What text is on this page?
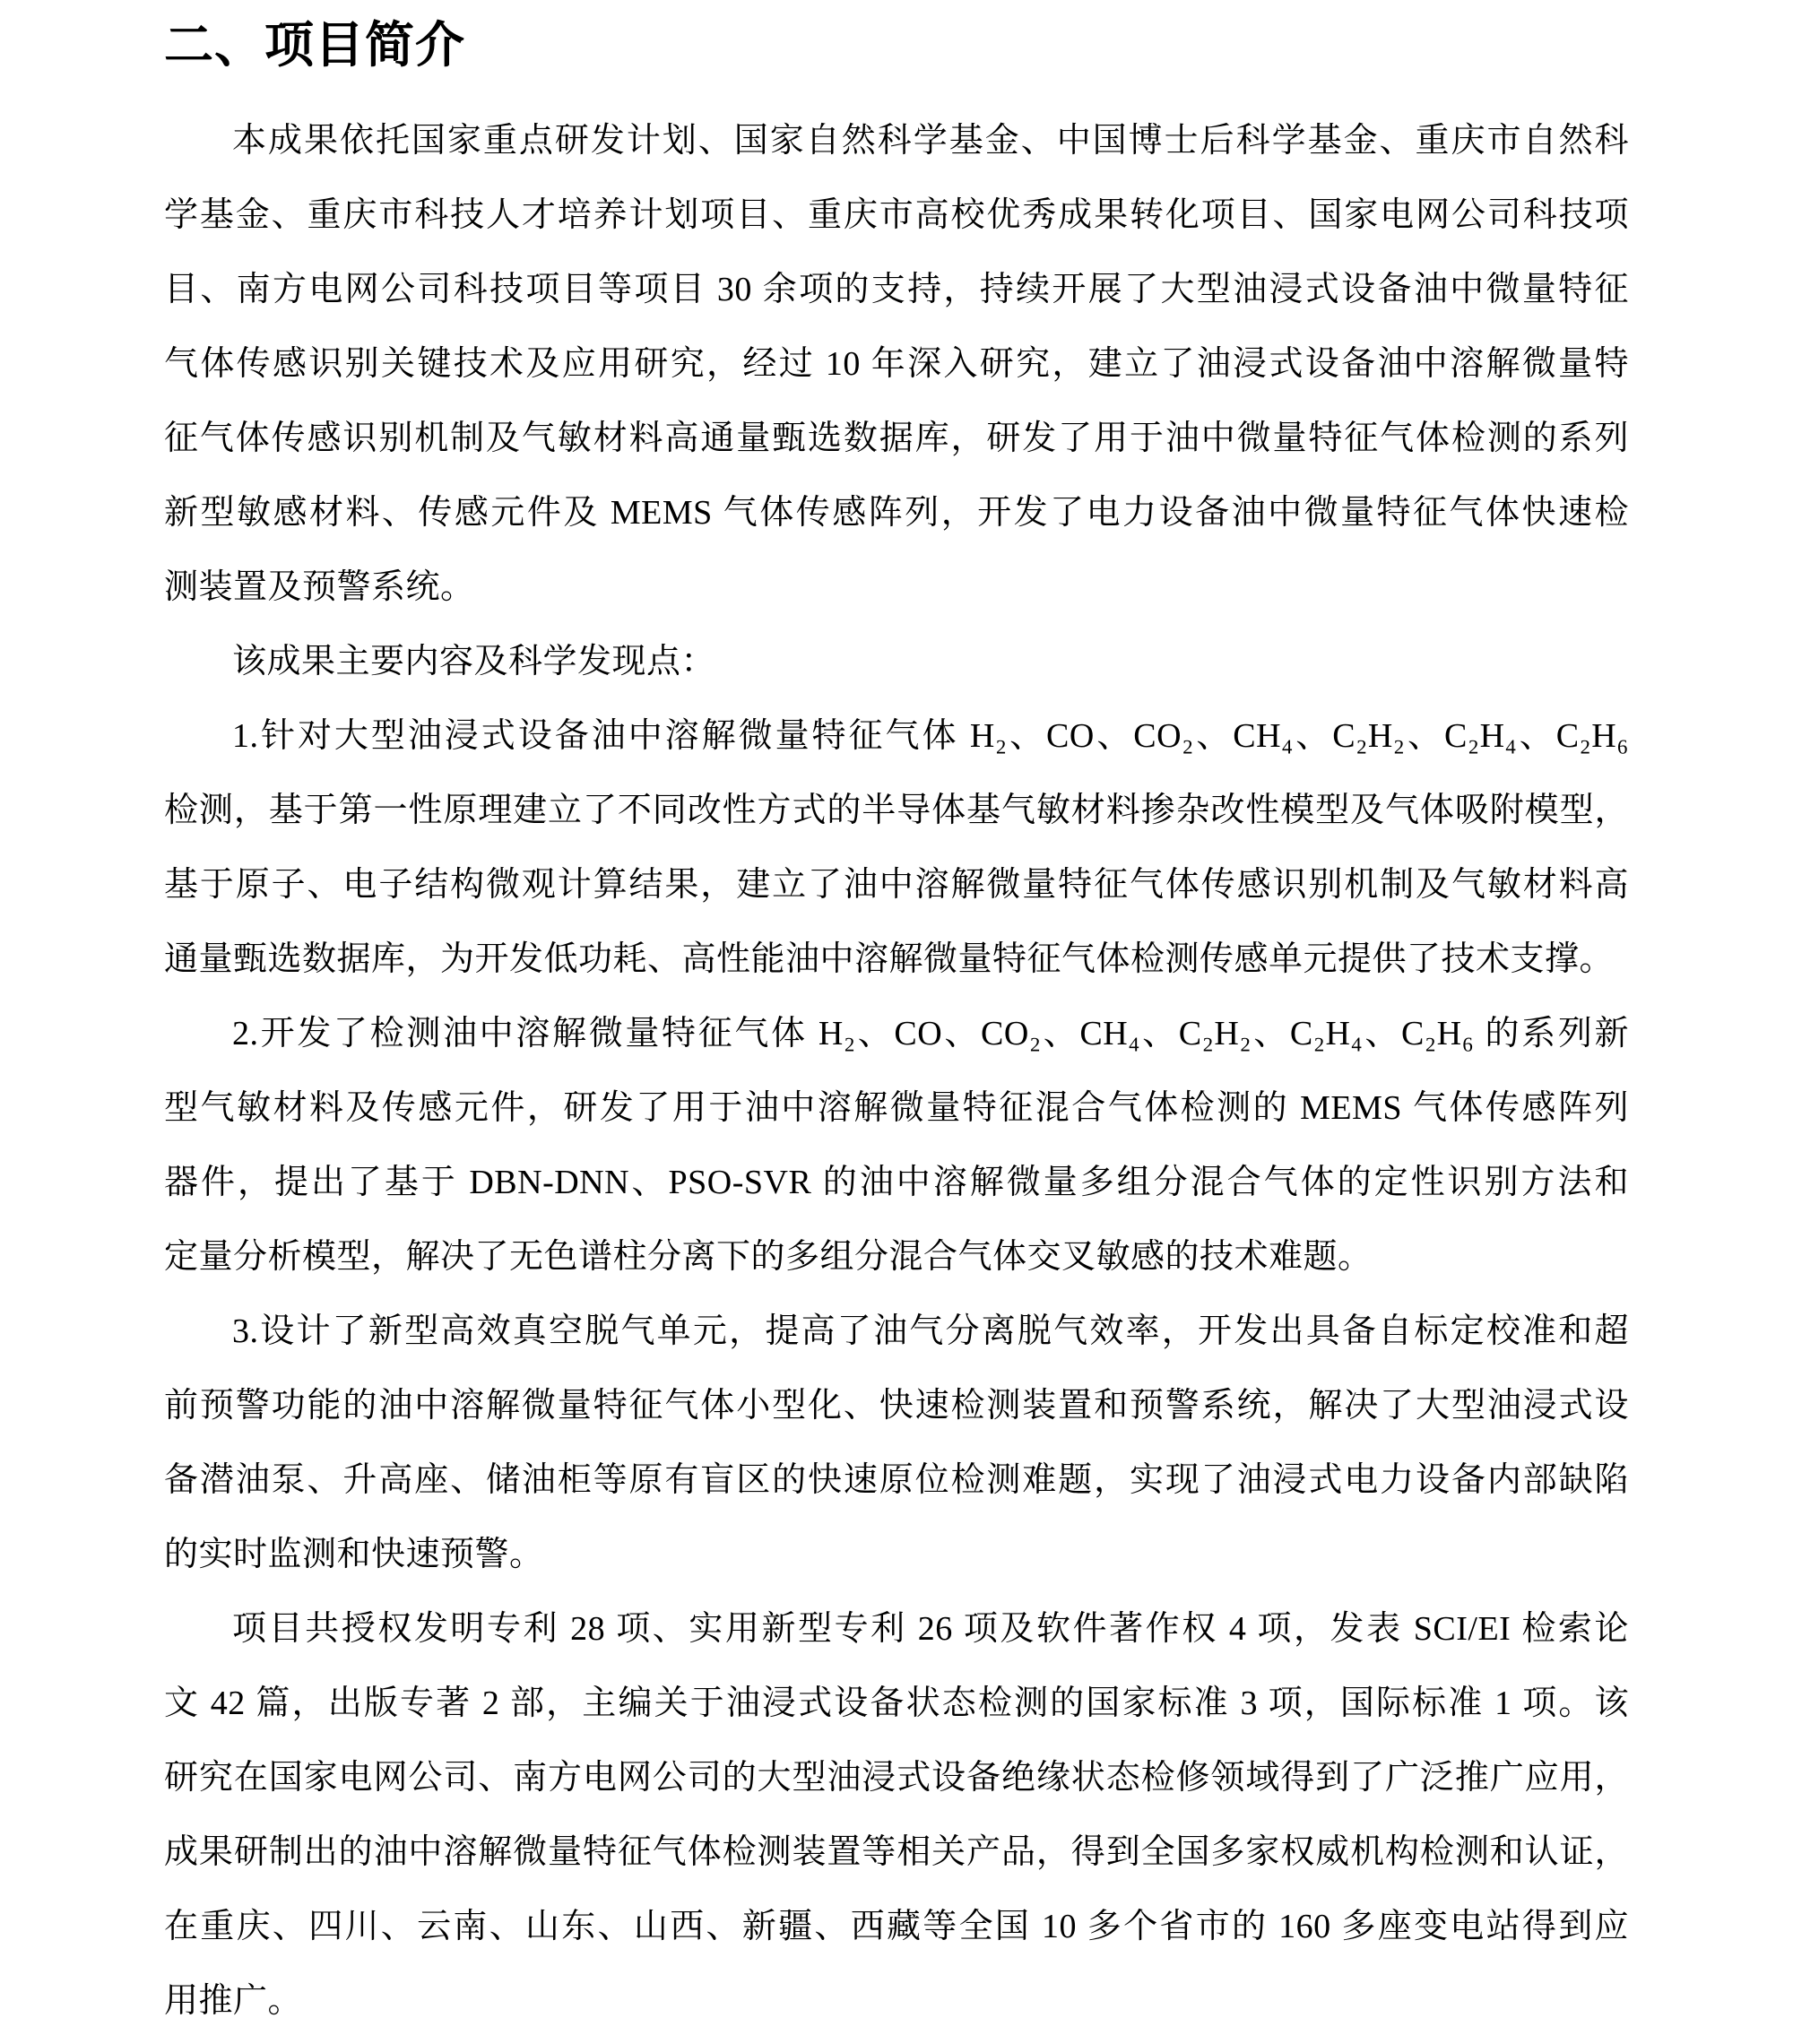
二、项目简介
本成果依托国家重点研发计划、国家自然科学基金、中国博士后科学基金、重庆市自然科
学基金、重庆市科技人才培养计划项目、重庆市高校优秀成果转化项目、国家电网公司科技项
目、南方电网公司科技项目等项目 30 余项的支持，持续开展了大型油浸式设备油中微量特征
气体传感识别关键技术及应用研究，经过 10 年深入研究，建立了油浸式设备油中溶解微量特
征气体传感识别机制及气敏材料高通量甄选数据库，研发了用于油中微量特征气体检测的系列
新型敏感材料、传感元件及 MEMS 气体传感阵列，开发了电力设备油中微量特征气体快速检
测装置及预警系统。
该成果主要内容及科学发现点：
1.针对大型油浸式设备油中溶解微量特征气体 H₂、CO、CO₂、CH₄、C₂H₂、C₂H₄、C₂H₆
检测，基于第一性原理建立了不同改性方式的半导体基气敏材料掺杂改性模型及气体吸附模型，
基于原子、电子结构微观计算结果，建立了油中溶解微量特征气体传感识别机制及气敏材料高
通量甄选数据库，为开发低功耗、高性能油中溶解微量特征气体检测传感单元提供了技术支撑。
2.开发了检测油中溶解微量特征气体 H₂、CO、CO₂、CH₄、C₂H₂、C₂H₄、C₂H₆ 的系列新
型气敏材料及传感元件，研发了用于油中溶解微量特征混合气体检测的 MEMS 气体传感阵列
器件，提出了基于 DBN-DNN、PSO-SVR 的油中溶解微量多组分混合气体的定性识别方法和
定量分析模型，解决了无色谱柱分离下的多组分混合气体交叉敏感的技术难题。
3.设计了新型高效真空脱气单元，提高了油气分离脱气效率，开发出具备自标定校准和超
前预警功能的油中溶解微量特征气体小型化、快速检测装置和预警系统，解决了大型油浸式设
备潜油泵、升高座、储油柜等原有盲区的快速原位检测难题，实现了油浸式电力设备内部缺陷
的实时监测和快速预警。
项目共授权发明专利 28 项、实用新型专利 26 项及软件著作权 4 项，发表 SCI/EI 检索论
文 42 篇，出版专著 2 部，主编关于油浸式设备状态检测的国家标准 3 项，国际标准 1 项。该
研究在国家电网公司、南方电网公司的大型油浸式设备绝缘状态检修领域得到了广泛推广应用，
成果研制出的油中溶解微量特征气体检测装置等相关产品，得到全国多家权威机构检测和认证，
在重庆、四川、云南、山东、山西、新疆、西藏等全国 10 多个省市的 160 多座变电站得到应
用推广。
